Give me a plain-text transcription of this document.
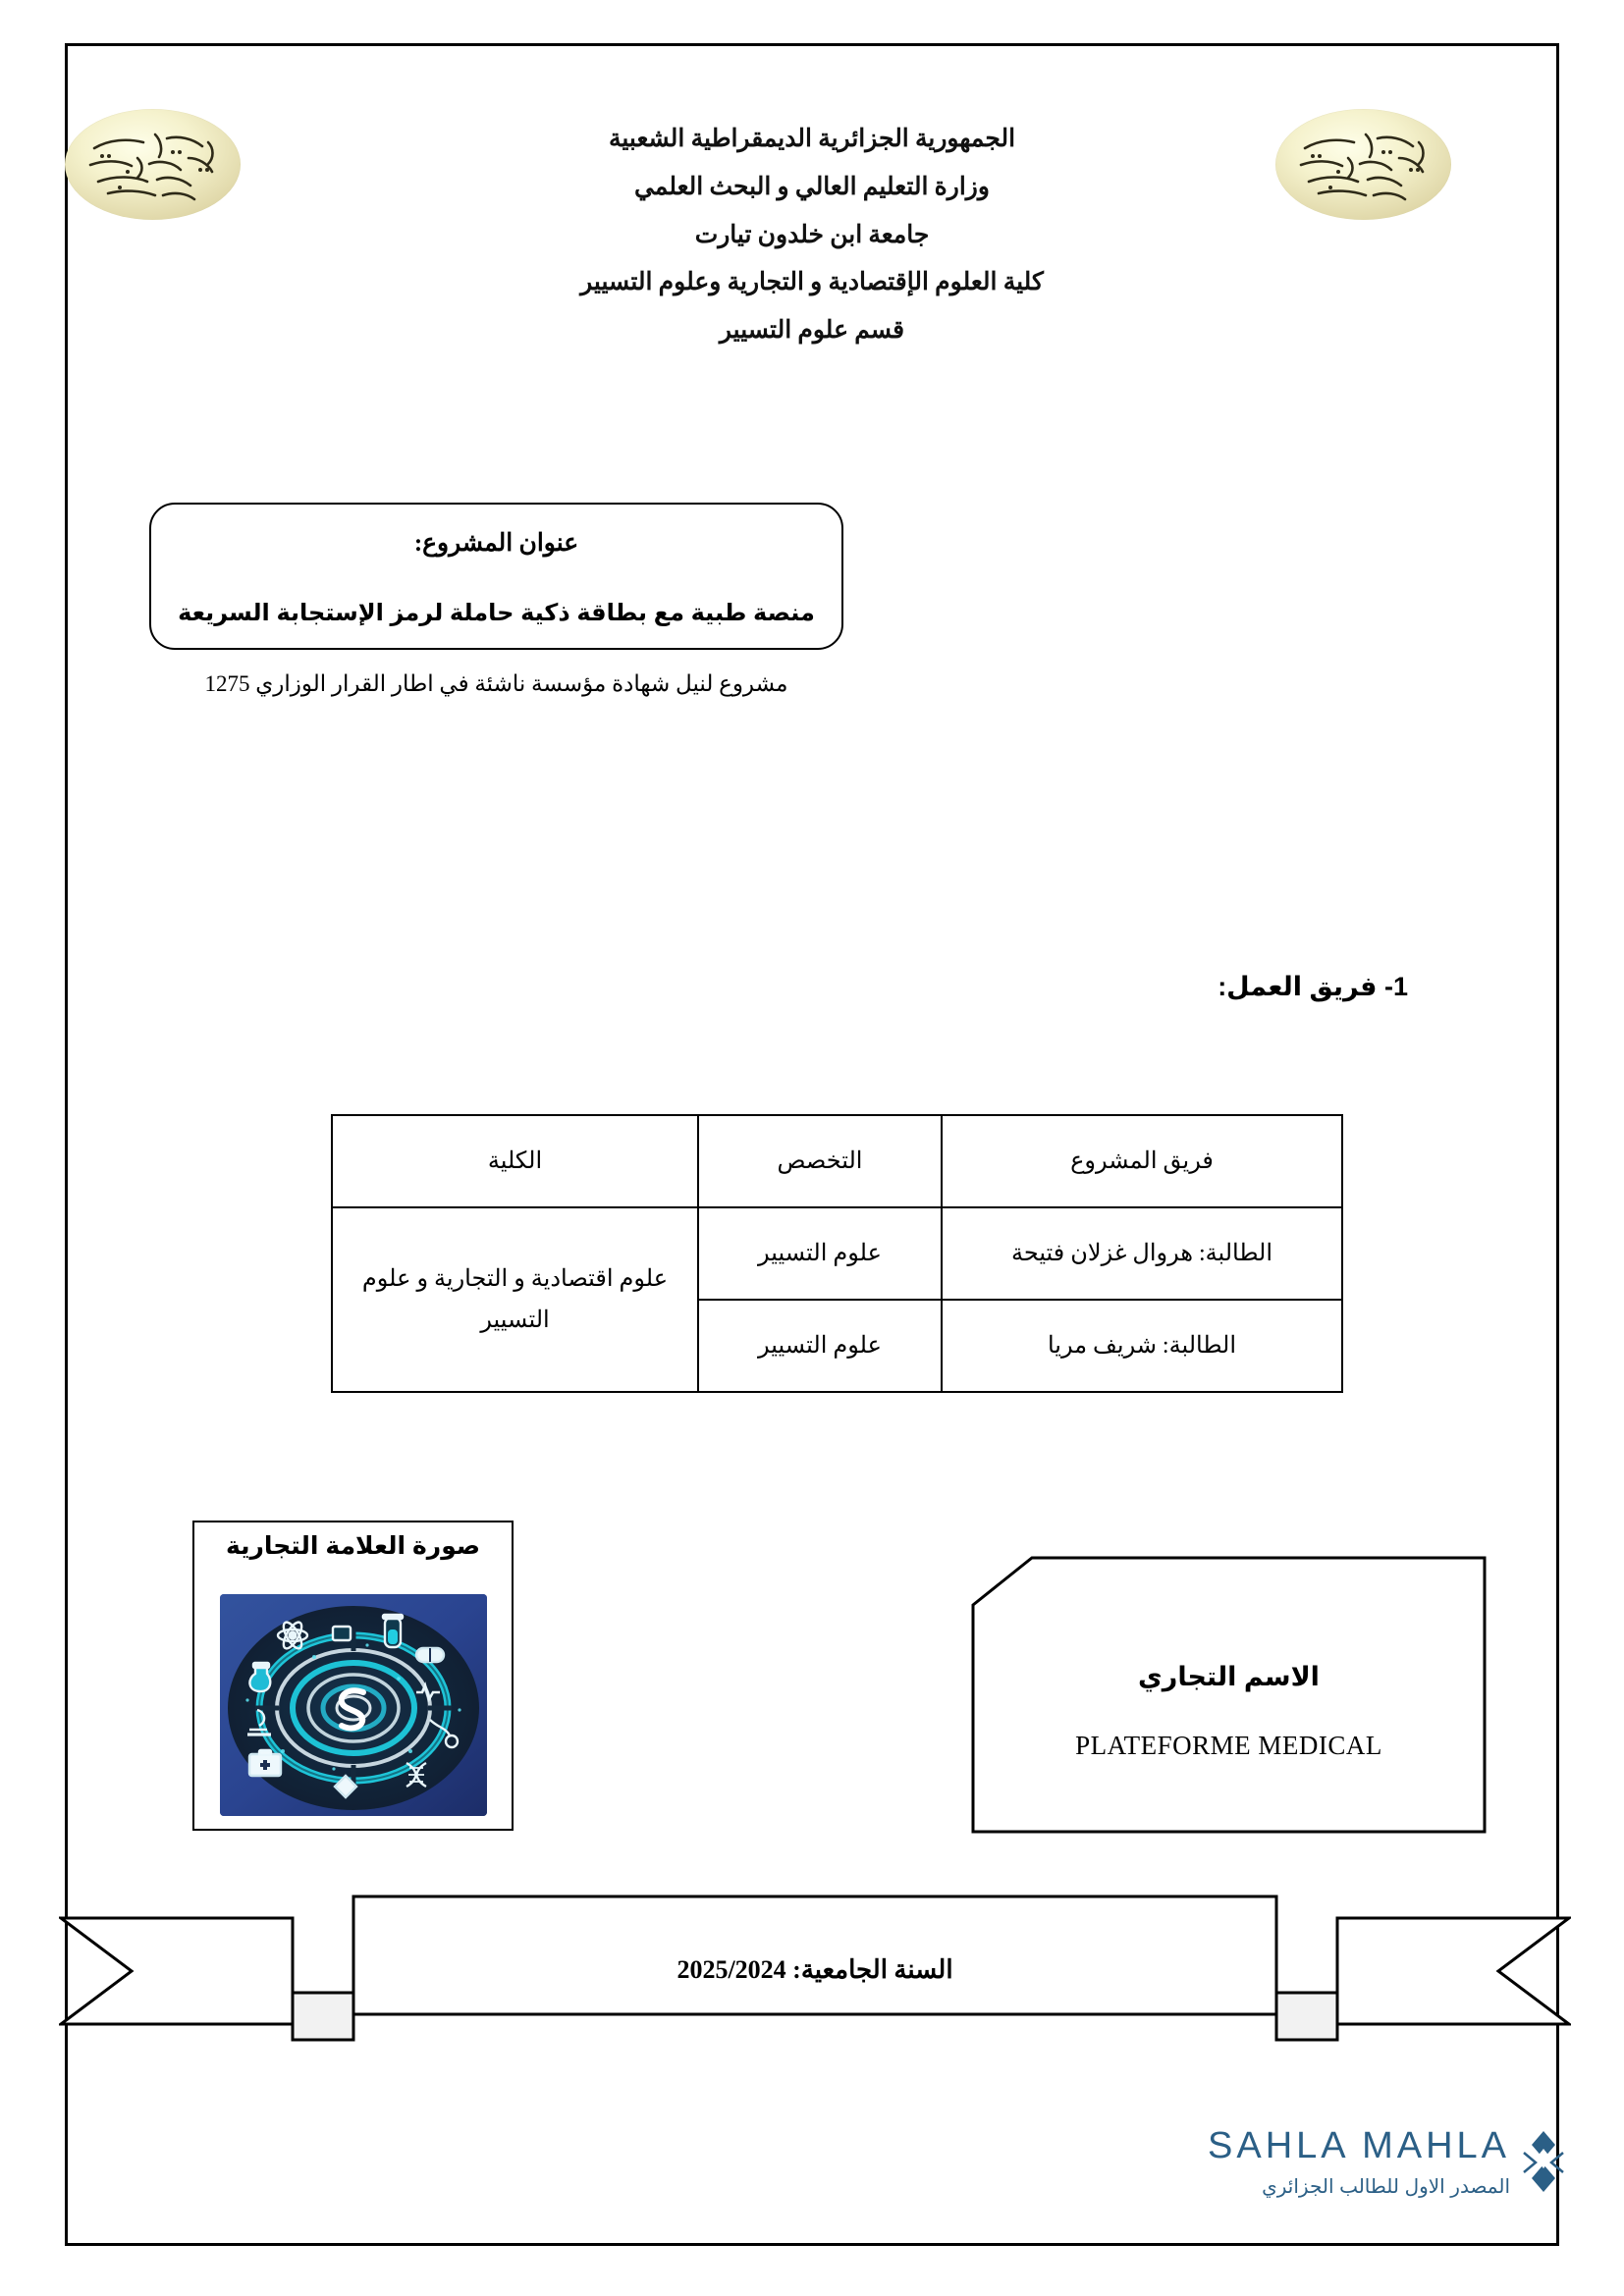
الجمهورية الجزائرية الديمقراطية الشعبية
وزارة التعليم العالي و البحث العلمي
جامعة ابن خلدون تيارت
كلية العلوم الإقتصادية و التجارية وعلوم التسيير
قسم علوم التسيير
عنوان المشروع:
منصة طبية مع بطاقة ذكية حاملة لرمز الإستجابة السريعة
مشروع لنيل شهادة مؤسسة ناشئة في اطار القرار الوزاري 1275
1- فريق العمل:
فريق المشروع	التخصص	الكلية
الطالبة: هروال غزلان فتيحة	علوم التسيير	علوم اقتصادية و التجارية و علوم التسيير
الطالبة: شريف مريا	علوم التسيير	
صورة العلامة التجارية
الاسم التجاري
PLATEFORME MEDICAL
السنة الجامعية: 2025/2024
SAHLA MAHLA
المصدر الاول للطالب الجزائري
